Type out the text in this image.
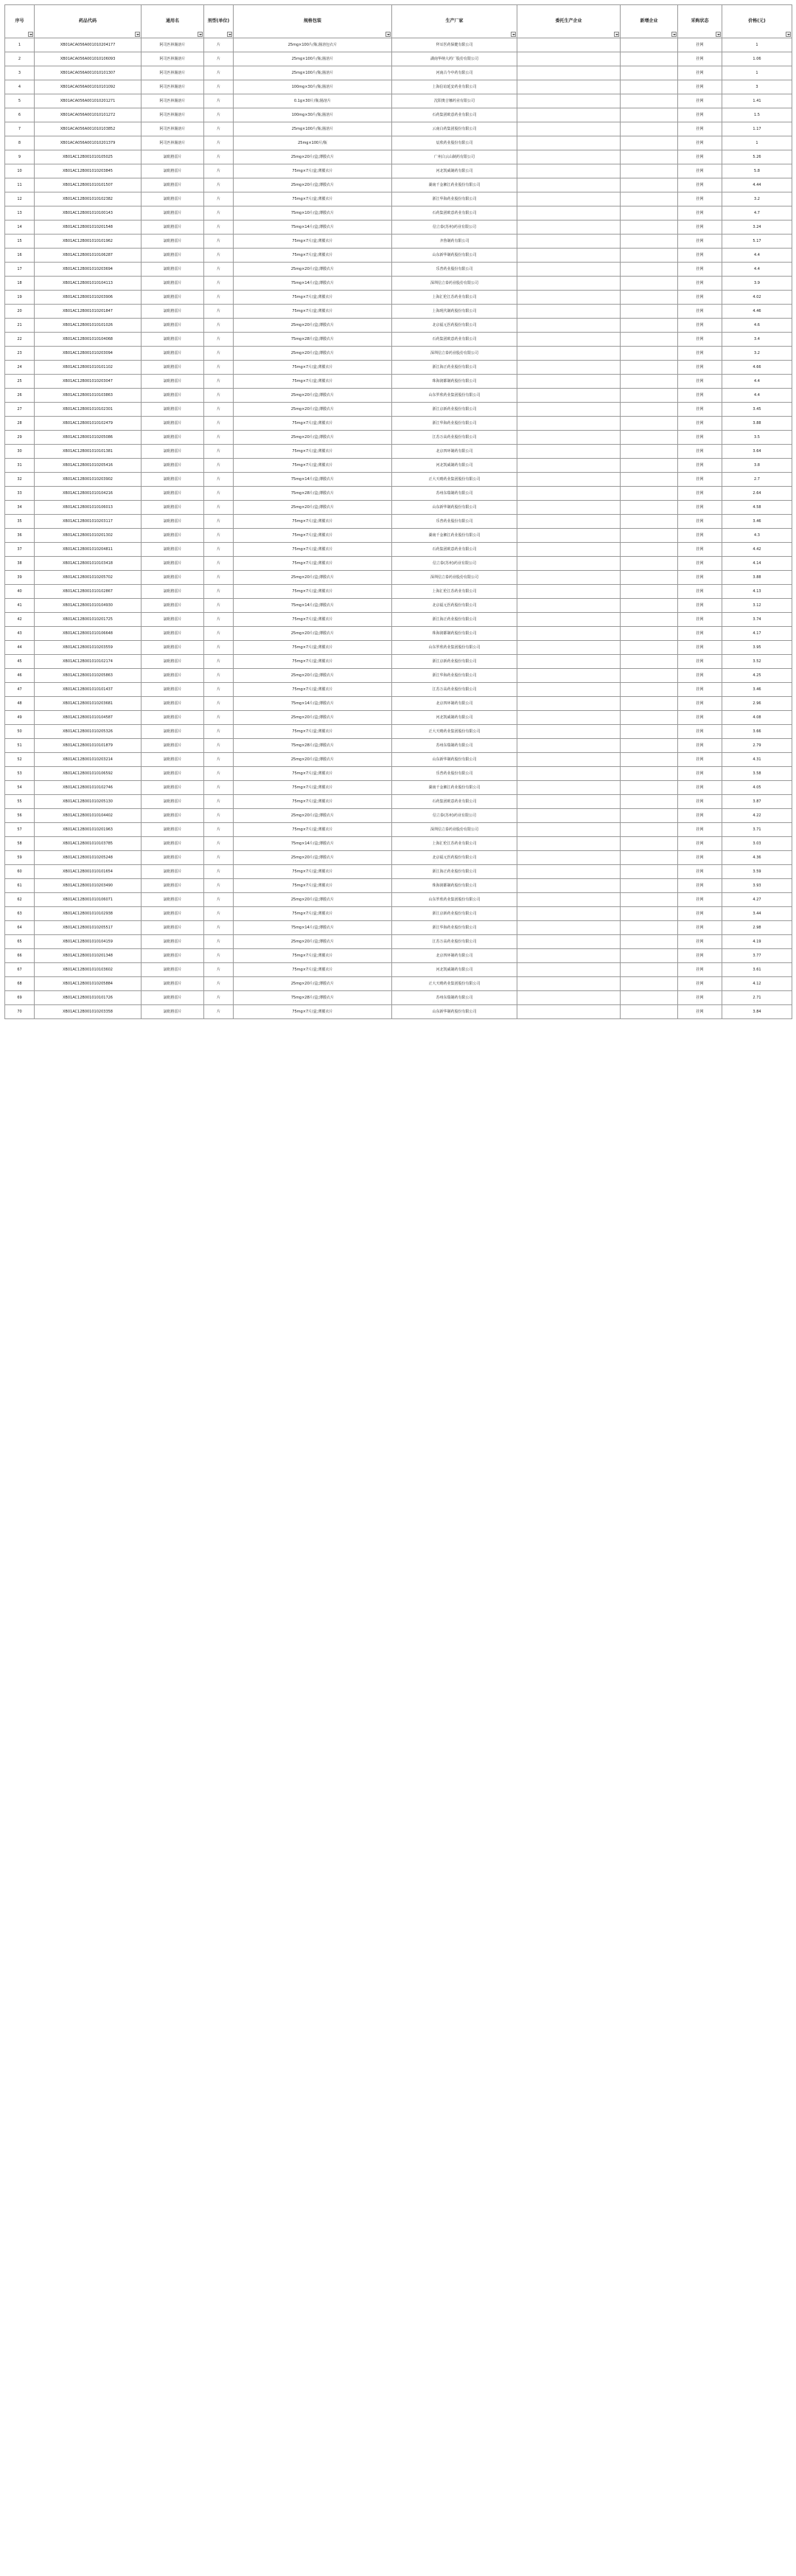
序号	药品代码	通用名	剂型(单位)	规格包装	生产厂家	委托生产企业	新增企业	采购状态	价格(元)

1	XB01ACA056A001010204177	阿司匹林肠溶片	片	25mg×100片/瓶;肠溶包衣片	拜耳医药保健有限公司			挂网	1
2	XB01ACA056A001010106093	阿司匹林肠溶片	片	25mg×100片/瓶;肠溶片	湖南华纳大药厂股份有限公司			挂网	1.06
3	XB01ACA056A001010101307	阿司匹林肠溶片	片	25mg×100片/瓶;肠溶片	河南古今中药有限公司			挂网	1
4	XB01ACA056A001010101092	阿司匹林肠溶片	片	100mg×30片/瓶;肠溶片	上海信谊延安药业有限公司			挂网	3
5	XB01ACA056A001010201271	阿司匹林肠溶片	片	0.1g×30片/瓶;肠溶片	沈阳奥吉娜药业有限公司			挂网	1.41
6	XB01ACA056A001010101272	阿司匹林肠溶片	片	100mg×30片/瓶;肠溶片	石药集团欧意药业有限公司			挂网	1.5
7	XB01ACA056A001010103852	阿司匹林肠溶片	片	25mg×100片/瓶;肠溶片	云南白药集团股份有限公司			挂网	1.17
8	XB01ACA056A001010201379	阿司匹林肠溶片	片	25mg×100片/瓶	辰欣药业股份有限公司			挂网	1
9	XB01AC12B001010105025	氯吡格雷片	片	25mg×20片/盒;薄膜衣片	广州白云山制药有限公司			挂网	5.26
10	XB01AC12B001010203845	氯吡格雷片	片	75mg×7片/盒;薄膜衣片	河北凯威制药有限公司			挂网	5.8
11	XB01AC12B001010101507	氯吡格雷片	片	25mg×20片/盒;薄膜衣片	湖南千金湘江药业股份有限公司			挂网	4.44
12	XB01AC12B001010102382	氯吡格雷片	片	75mg×7片/盒;薄膜衣片	浙江华海药业股份有限公司			挂网	3.2
13	XB01AC12B001010100143	氯吡格雷片	片	75mg×10片/盒;薄膜衣片	石药集团欧意药业有限公司			挂网	4.7
14	XB01AC12B001010201548	氯吡格雷片	片	75mg×14片/盒;薄膜衣片	信立泰(苏州)药业有限公司			挂网	3.24
15	XB01AC12B001010101962	氯吡格雷片	片	75mg×7片/盒;薄膜衣片	齐鲁制药有限公司			挂网	5.17
16	XB01AC12B001010106287	氯吡格雷片	片	75mg×7片/盒;薄膜衣片	山东新华制药股份有限公司			挂网	4.4
17	XB01AC12B001010203694	氯吡格雷片	片	25mg×20片/盒;薄膜衣片	乐普药业股份有限公司			挂网	4.4
18	XB01AC12B001010104113	氯吡格雷片	片	75mg×14片/盒;薄膜衣片	深圳信立泰药业股份有限公司			挂网	3.9
19	XB01AC12B001010203906	氯吡格雷片	片	75mg×7片/盒;薄膜衣片	上海汇伦江苏药业有限公司			挂网	4.02
20	XB01AC12B001010201847	氯吡格雷片	片	75mg×7片/盒;薄膜衣片	上海现代制药股份有限公司			挂网	4.46
21	XB01AC12B001010101026	氯吡格雷片	片	25mg×20片/盒;薄膜衣片	北京福元医药股份有限公司			挂网	4.6
22	XB01AC12B001010104068	氯吡格雷片	片	75mg×28片/盒;薄膜衣片	石药集团欧意药业有限公司			挂网	3.4
23	XB01AC12B001010203094	氯吡格雷片	片	25mg×20片/盒;薄膜衣片	深圳信立泰药业股份有限公司			挂网	3.2
24	XB01AC12B001010101102	氯吡格雷片	片	75mg×7片/盒;薄膜衣片	浙江海正药业股份有限公司			挂网	4.66
25	XB01AC12B001010203047	氯吡格雷片	片	75mg×7片/盒;薄膜衣片	珠海润都制药股份有限公司			挂网	4.4
26	XB01AC12B001010103863	氯吡格雷片	片	25mg×20片/盒;薄膜衣片	山东罗欣药业集团股份有限公司			挂网	4.4
27	XB01AC12B001010102301	氯吡格雷片	片	25mg×20片/盒;薄膜衣片	浙江京新药业股份有限公司			挂网	3.45
28	XB01AC12B001010102479	氯吡格雷片	片	75mg×7片/盒;薄膜衣片	浙江华海药业股份有限公司			挂网	3.88
29	XB01AC12B001010205086	氯吡格雷片	片	25mg×20片/盒;薄膜衣片	江苏万高药业股份有限公司			挂网	3.5
30	XB01AC12B001010101381	氯吡格雷片	片	75mg×7片/盒;薄膜衣片	北京四环制药有限公司			挂网	3.64
31	XB01AC12B001010205416	氯吡格雷片	片	75mg×7片/盒;薄膜衣片	河北凯威制药有限公司			挂网	3.8
32	XB01AC12B001010203902	氯吡格雷片	片	75mg×14片/盒;薄膜衣片	正大天晴药业集团股份有限公司			挂网	2.7
33	XB01AC12B001010104216	氯吡格雷片	片	75mg×28片/盒;薄膜衣片	苏州东瑞制药有限公司			挂网	2.64
34	XB01AC12B001010106013	氯吡格雷片	片	25mg×20片/盒;薄膜衣片	山东新华制药股份有限公司			挂网	4.58
35	XB01AC12B001010203117	氯吡格雷片	片	75mg×7片/盒;薄膜衣片	乐普药业股份有限公司			挂网	3.46
36	XB01AC12B001010201302	氯吡格雷片	片	75mg×7片/盒;薄膜衣片	湖南千金湘江药业股份有限公司			挂网	4.3
37	XB01AC12B001010204811	氯吡格雷片	片	75mg×7片/盒;薄膜衣片	石药集团欧意药业有限公司			挂网	4.42
38	XB01AC12B001010103418	氯吡格雷片	片	75mg×7片/盒;薄膜衣片	信立泰(苏州)药业有限公司			挂网	4.14
39	XB01AC12B001010205702	氯吡格雷片	片	25mg×20片/盒;薄膜衣片	深圳信立泰药业股份有限公司			挂网	3.88
40	XB01AC12B001010102867	氯吡格雷片	片	75mg×7片/盒;薄膜衣片	上海汇伦江苏药业有限公司			挂网	4.13
41	XB01AC12B001010104930	氯吡格雷片	片	75mg×14片/盒;薄膜衣片	北京福元医药股份有限公司			挂网	3.12
42	XB01AC12B001010201725	氯吡格雷片	片	75mg×7片/盒;薄膜衣片	浙江海正药业股份有限公司			挂网	3.74
43	XB01AC12B001010106648	氯吡格雷片	片	25mg×20片/盒;薄膜衣片	珠海润都制药股份有限公司			挂网	4.17
44	XB01AC12B001010203559	氯吡格雷片	片	75mg×7片/盒;薄膜衣片	山东罗欣药业集团股份有限公司			挂网	3.95
45	XB01AC12B001010102174	氯吡格雷片	片	75mg×7片/盒;薄膜衣片	浙江京新药业股份有限公司			挂网	3.52
46	XB01AC12B001010205863	氯吡格雷片	片	25mg×20片/盒;薄膜衣片	浙江华海药业股份有限公司			挂网	4.25
47	XB01AC12B001010101437	氯吡格雷片	片	75mg×7片/盒;薄膜衣片	江苏万高药业股份有限公司			挂网	3.46
48	XB01AC12B001010203681	氯吡格雷片	片	75mg×14片/盒;薄膜衣片	北京四环制药有限公司			挂网	2.96
49	XB01AC12B001010104587	氯吡格雷片	片	25mg×20片/盒;薄膜衣片	河北凯威制药有限公司			挂网	4.08
50	XB01AC12B001010205326	氯吡格雷片	片	75mg×7片/盒;薄膜衣片	正大天晴药业集团股份有限公司			挂网	3.66
51	XB01AC12B001010101879	氯吡格雷片	片	75mg×28片/盒;薄膜衣片	苏州东瑞制药有限公司			挂网	2.79
52	XB01AC12B001010203214	氯吡格雷片	片	25mg×20片/盒;薄膜衣片	山东新华制药股份有限公司			挂网	4.31
53	XB01AC12B001010106592	氯吡格雷片	片	75mg×7片/盒;薄膜衣片	乐普药业股份有限公司			挂网	3.58
54	XB01AC12B001010102746	氯吡格雷片	片	75mg×7片/盒;薄膜衣片	湖南千金湘江药业股份有限公司			挂网	4.05
55	XB01AC12B001010205130	氯吡格雷片	片	75mg×7片/盒;薄膜衣片	石药集团欧意药业有限公司			挂网	3.87
56	XB01AC12B001010104402	氯吡格雷片	片	25mg×20片/盒;薄膜衣片	信立泰(苏州)药业有限公司			挂网	4.22
57	XB01AC12B001010201963	氯吡格雷片	片	75mg×7片/盒;薄膜衣片	深圳信立泰药业股份有限公司			挂网	3.71
58	XB01AC12B001010103785	氯吡格雷片	片	75mg×14片/盒;薄膜衣片	上海汇伦江苏药业有限公司			挂网	3.03
59	XB01AC12B001010205248	氯吡格雷片	片	25mg×20片/盒;薄膜衣片	北京福元医药股份有限公司			挂网	4.36
60	XB01AC12B001010101654	氯吡格雷片	片	75mg×7片/盒;薄膜衣片	浙江海正药业股份有限公司			挂网	3.59
61	XB01AC12B001010203490	氯吡格雷片	片	75mg×7片/盒;薄膜衣片	珠海润都制药股份有限公司			挂网	3.93
62	XB01AC12B001010106071	氯吡格雷片	片	25mg×20片/盒;薄膜衣片	山东罗欣药业集团股份有限公司			挂网	4.27
63	XB01AC12B001010102938	氯吡格雷片	片	75mg×7片/盒;薄膜衣片	浙江京新药业股份有限公司			挂网	3.44
64	XB01AC12B001010205517	氯吡格雷片	片	75mg×14片/盒;薄膜衣片	浙江华海药业股份有限公司			挂网	2.98
65	XB01AC12B001010104159	氯吡格雷片	片	25mg×20片/盒;薄膜衣片	江苏万高药业股份有限公司			挂网	4.19
66	XB01AC12B001010201348	氯吡格雷片	片	75mg×7片/盒;薄膜衣片	北京四环制药有限公司			挂网	3.77
67	XB01AC12B001010103602	氯吡格雷片	片	75mg×7片/盒;薄膜衣片	河北凯威制药有限公司			挂网	3.61
68	XB01AC12B001010205884	氯吡格雷片	片	25mg×20片/盒;薄膜衣片	正大天晴药业集团股份有限公司			挂网	4.12
69	XB01AC12B001010101726	氯吡格雷片	片	75mg×28片/盒;薄膜衣片	苏州东瑞制药有限公司			挂网	2.71
70	XB01AC12B001010203358	氯吡格雷片	片	75mg×7片/盒;薄膜衣片	山东新华制药股份有限公司			挂网	3.84
